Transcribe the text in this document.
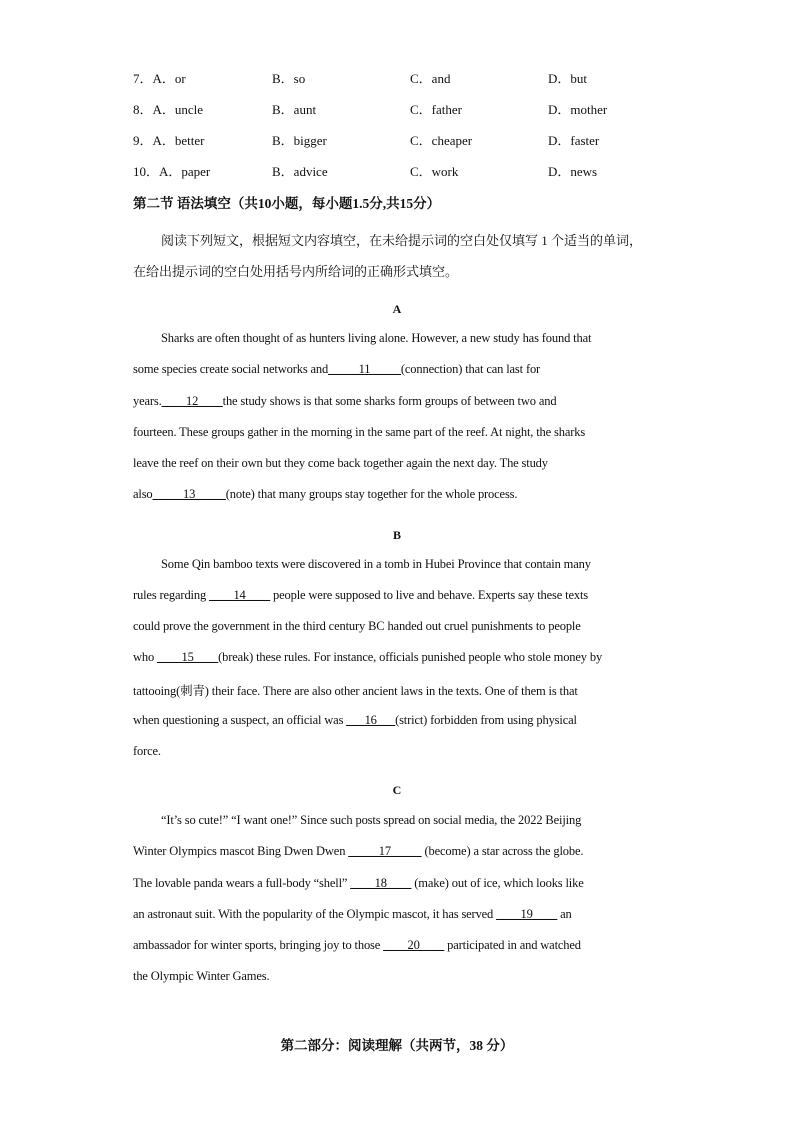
7．A．or	B．so	C．and	D．but
8．A．uncle	B．aunt	C．father	D．mother
9．A．better	B．bigger	C．cheaper	D．faster
10．A．paper	B．advice	C．work	D．news
第二节 语法填空（共10小题，每小题1.5分,共15分）
阅读下列短文，根据短文内容填空，在未给提示词的空白处仅填写 1 个适当的单词，
在给出提示词的空白处用括号内所给词的正确形式填空。
A
Sharks are often thought of as hunters living alone. However, a new study has found that
some species create social networks and_____11_____(connection) that can last for
years.____12____the study shows is that some sharks form groups of between two and
fourteen. These groups gather in the morning in the same part of the reef. At night, the sharks
leave the reef on their own but they come back together again the next day. The study
also_____13_____(note) that many groups stay together for the whole process.
B
Some Qin bamboo texts were discovered in a tomb in Hubei Province that contain many
rules regarding ____14____ people were supposed to live and behave. Experts say these texts
could prove the government in the third century BC handed out cruel punishments to people
who ____15____(break) these rules. For instance, officials punished people who stole money by
tattooing(刺青) their face. There are also other ancient laws in the texts. One of them is that
when questioning a suspect, an official was ___16___(strict) forbidden from using physical
force.
C
“It’s so cute!” “I want one!” Since such posts spread on social media, the 2022 Beijing
Winter Olympics mascot Bing Dwen Dwen _____17_____ (become) a star across the globe.
The lovable panda wears a full-body “shell” ____18____ (make) out of ice, which looks like
an astronaut suit. With the popularity of the Olympic mascot, it has served ____19____ an
ambassador for winter sports, bringing joy to those ____20____ participated in and watched
the Olympic Winter Games.
第二部分：阅读理解（共两节，38 分）
